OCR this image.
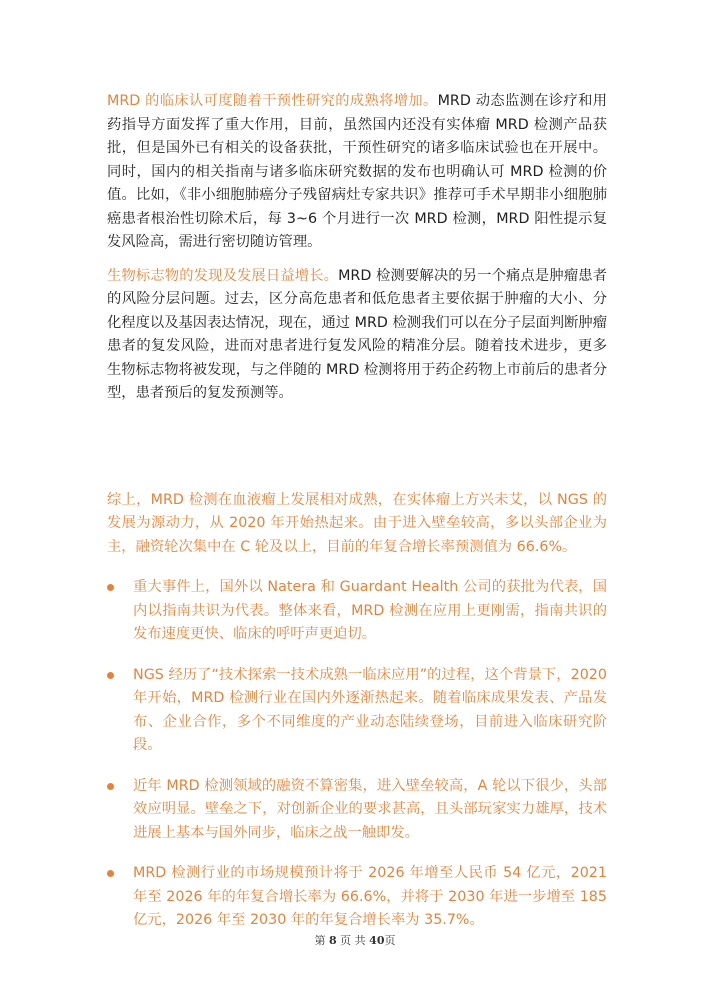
MRD 的临床认可度随着干预性研究的成熟将增加。MRD 动态监测在诊疗和用药指导方面发挥了重大作用，目前，虽然国内还没有实体瘤 MRD 检测产品获批，但是国外已有相关的设备获批，干预性研究的诸多临床试验也在开展中。同时，国内的相关指南与诸多临床研究数据的发布也明确认可 MRD 检测的价值。比如，《非小细胞肺癌分子残留病灶专家共识》推荐可手术早期非小细胞肺癌患者根治性切除术后，每 3~6 个月进行一次 MRD 检测，MRD 阳性提示复发风险高，需进行密切随访管理。

生物标志物的发现及发展日益增长。MRD 检测要解决的另一个痛点是肿瘤患者的风险分层问题。过去，区分高危患者和低危患者主要依据于肿瘤的大小、分化程度以及基因表达情况，现在，通过 MRD 检测我们可以在分子层面判断肿瘤患者的复发风险，进而对患者进行复发风险的精准分层。随着技术进步，更多生物标志物将被发现，与之伴随的 MRD 检测将用于药企药物上市前后的患者分型，患者预后的复发预测等。

综上，MRD 检测在血液瘤上发展相对成熟，在实体瘤上方兴未艾，以 NGS 的发展为源动力，从 2020 年开始热起来。由于进入壁垒较高，多以头部企业为主，融资轮次集中在 C 轮及以上，目前的年复合增长率预测值为 66.6%。

重大事件上，国外以 Natera 和 Guardant Health 公司的获批为代表，国内以指南共识为代表。整体来看，MRD 检测在应用上更刚需，指南共识的发布速度更快、临床的呼吁声更迫切。
NGS 经历了“技术探索一技术成熟一临床应用”的过程，这个背景下，2020 年开始，MRD 检测行业在国内外逐渐热起来。随着临床成果发表、产品发布、企业合作，多个不同维度的产业动态陆续登场，目前进入临床研究阶段。
近年 MRD 检测领域的融资不算密集，进入壁垒较高，A 轮以下很少，头部效应明显。壁垒之下，对创新企业的要求甚高，且头部玩家实力雄厚，技术进展上基本与国外同步，临床之战一触即发。
MRD 检测行业的市场规模预计将于 2026 年增至人民币 54 亿元，2021 年至 2026 年的年复合增长率为 66.6%，并将于 2030 年进一步增至 185 亿元，2026 年至 2030 年的年复合增长率为 35.7%。
第 8 页 共 40页
